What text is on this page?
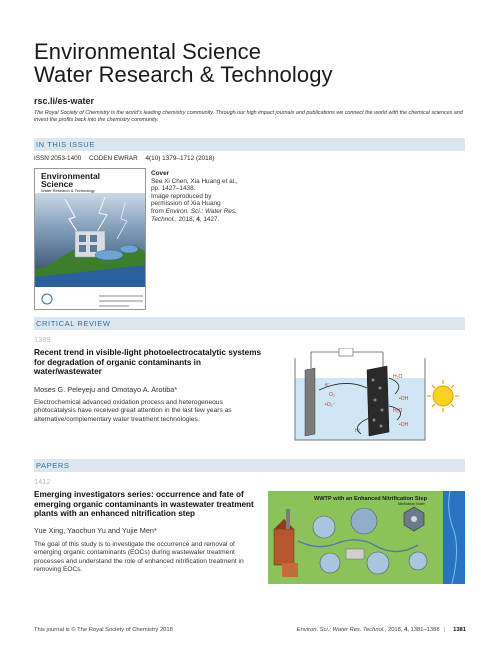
Environmental Science
Water Research & Technology
rsc.li/es-water
The Royal Society of Chemistry is the world's leading chemistry community. Through our high impact journals and publications we connect the world with the chemical sciences and invest the profits back into the chemistry community.
IN THIS ISSUE
ISSN 2053-1400 CODEN EWRAR 4(10) 1379–1712 (2018)
Environmental
Science
Water Research & Technology
Cover
See Xi Chen, Xia Huang et al.,
pp. 1427–1438.
Image reproduced by
permission of Xia Huang
from Environ. Sci.: Water Res.
Technol., 2018, 4, 1427.
CRITICAL REVIEW
1389
Recent trend in visible-light photoelectrocatalytic systems for degradation of organic contaminants in water/wastewater
Moses G. Peleyeju and Omotayo A. Arotiba*
Electrochemical advanced oxidation process and heterogeneous photocatalysis have received great attention in the last few years as alternative/complementary water treatment technologies.
e⁻
O₂
•O₂⁻
H₂O
•OH
H₂O
•OH
h⁺
PAPERS
1412
Emerging investigators series: occurrence and fate of emerging organic contaminants in wastewater treatment plants with an enhanced nitrification step
Yue Xing, Yaochun Yu and Yujie Men*
The goal of this study is to investigate the occurrence and removal of emerging organic contaminants (EOCs) during wastewater treatment processes and understand the role of enhanced nitrification treatment in removing EOCs.
WWTP with an Enhanced Nitrification Step
Nitrification Tower
This journal is © The Royal Society of Chemistry 2018	Environ. Sci.: Water Res. Technol., 2018, 4, 1381–1388 | 1381
